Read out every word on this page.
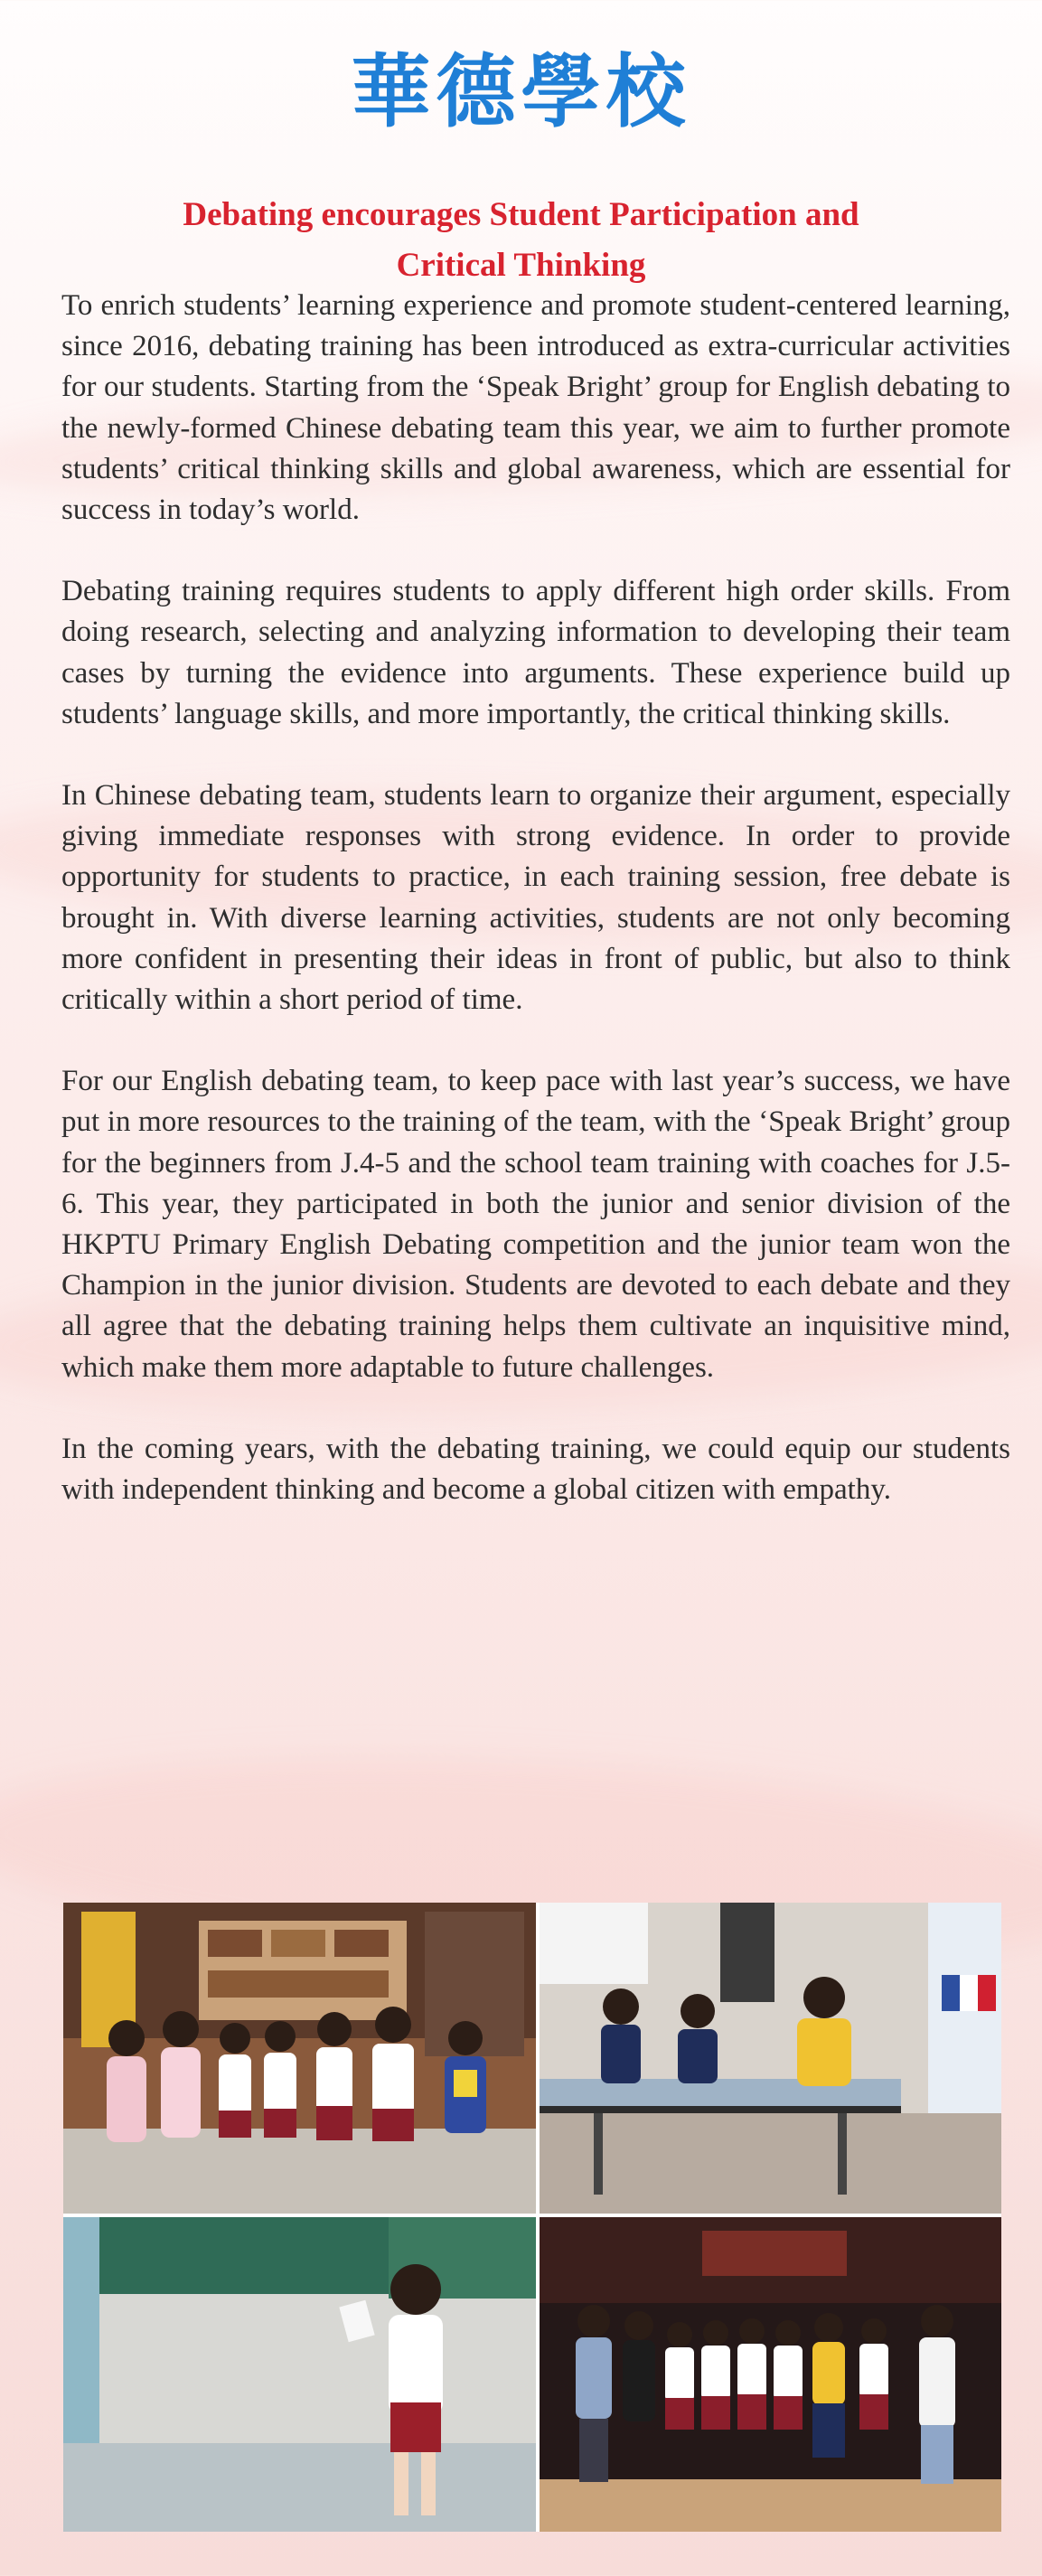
華德學校
Debating encourages Student Participation and
Critical Thinking

To enrich students’ learning experience and promote student-centered learning, since 2016, debating training has been introduced as extra-curricular activities for our students. Starting from the ‘Speak Bright’ group for English debating to the newly-formed Chinese debating team this year, we aim to further promote students’ critical thinking skills and global awareness, which are essential for success in today’s world.

Debating training requires students to apply different high order skills. From doing research, selecting and analyzing information to developing their team cases by turning the evidence into arguments. These experience build up students’ language skills, and more importantly, the critical thinking skills.

In Chinese debating team, students learn to organize their argument, especially giving immediate responses with strong evidence. In order to provide opportunity for students to practice, in each training session, free debate is brought in. With diverse learning activities, students are not only becoming more confident in presenting their ideas in front of public, but also to think critically within a short period of time.

For our English debating team, to keep pace with last year’s success, we have put in more resources to the training of the team, with the ‘Speak Bright’ group for the beginners from J.4-5 and the school team training with coaches for J.5-6. This year, they participated in both the junior and senior division of the HKPTU Primary English Debating competition and the junior team won the Champion in the junior division. Students are devoted to each debate and they all agree that the debating training helps them cultivate an inquisitive mind, which make them more adaptable to future challenges.

In the coming years, with the debating training, we could equip our students with independent thinking and become a global citizen with empathy.
